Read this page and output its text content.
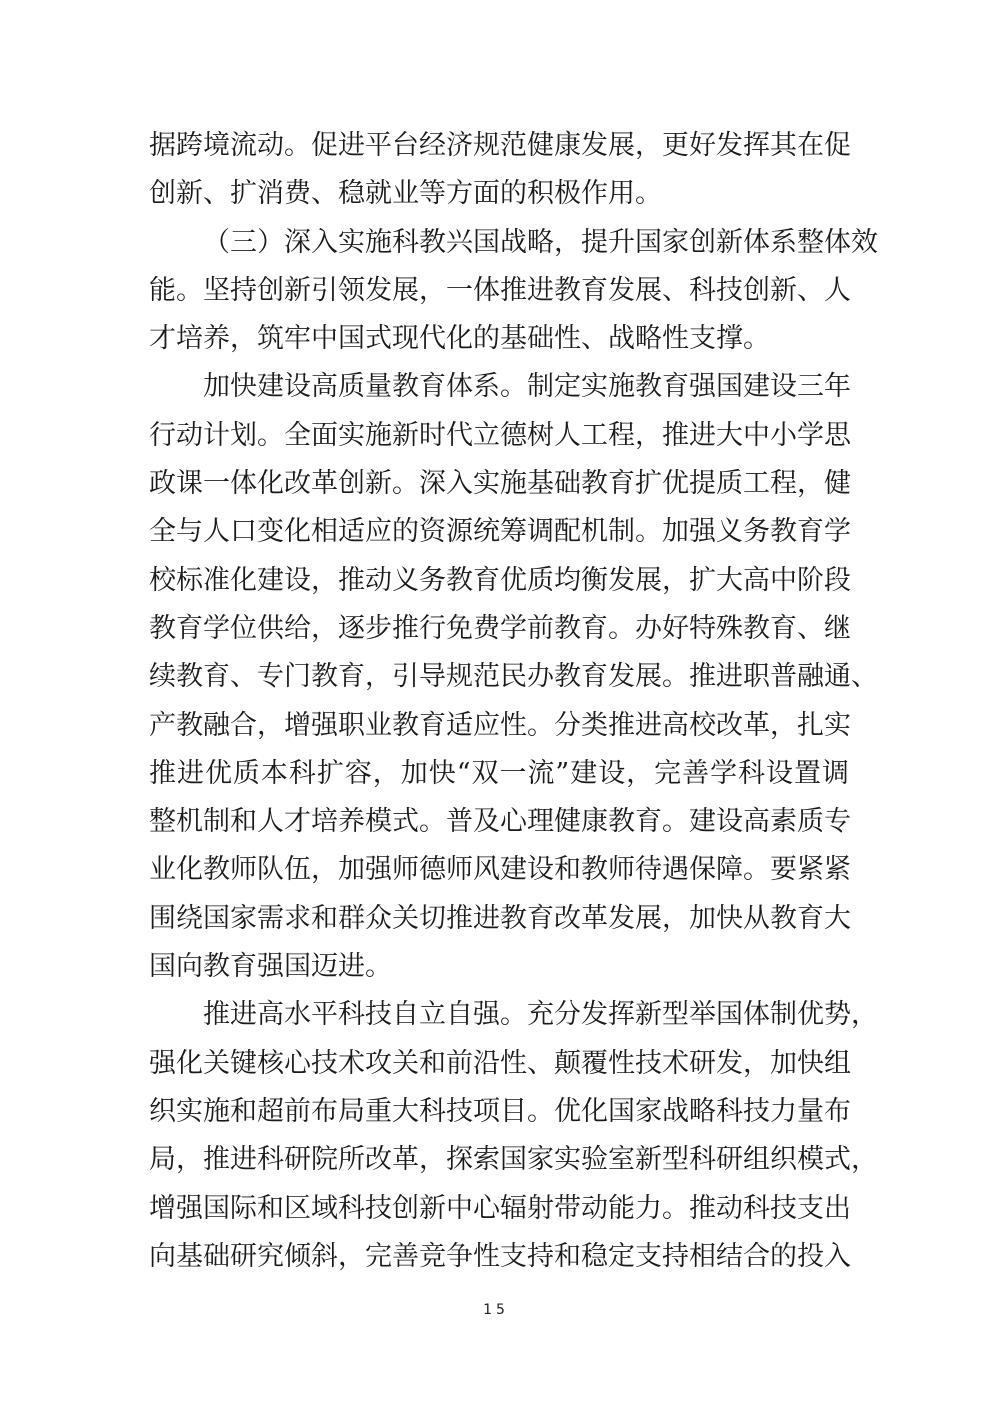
据跨境流动。促进平台经济规范健康发展，更好发挥其在促
创新、扩消费、稳就业等方面的积极作用。
（三）深入实施科教兴国战略，提升国家创新体系整体效
能。坚持创新引领发展，一体推进教育发展、科技创新、人
才培养，筑牢中国式现代化的基础性、战略性支撑。
加快建设高质量教育体系。制定实施教育强国建设三年
行动计划。全面实施新时代立德树人工程，推进大中小学思
政课一体化改革创新。深入实施基础教育扩优提质工程，健
全与人口变化相适应的资源统筹调配机制。加强义务教育学
校标准化建设，推动义务教育优质均衡发展，扩大高中阶段
教育学位供给，逐步推行免费学前教育。办好特殊教育、继
续教育、专门教育，引导规范民办教育发展。推进职普融通、
产教融合，增强职业教育适应性。分类推进高校改革，扎实
推进优质本科扩容，加快“双一流”建设，完善学科设置调
整机制和人才培养模式。普及心理健康教育。建设高素质专
业化教师队伍，加强师德师风建设和教师待遇保障。要紧紧
围绕国家需求和群众关切推进教育改革发展，加快从教育大
国向教育强国迈进。
推进高水平科技自立自强。充分发挥新型举国体制优势，
强化关键核心技术攻关和前沿性、颠覆性技术研发，加快组
织实施和超前布局重大科技项目。优化国家战略科技力量布
局，推进科研院所改革，探索国家实验室新型科研组织模式，
增强国际和区域科技创新中心辐射带动能力。推动科技支出
向基础研究倾斜，完善竞争性支持和稳定支持相结合的投入
15
